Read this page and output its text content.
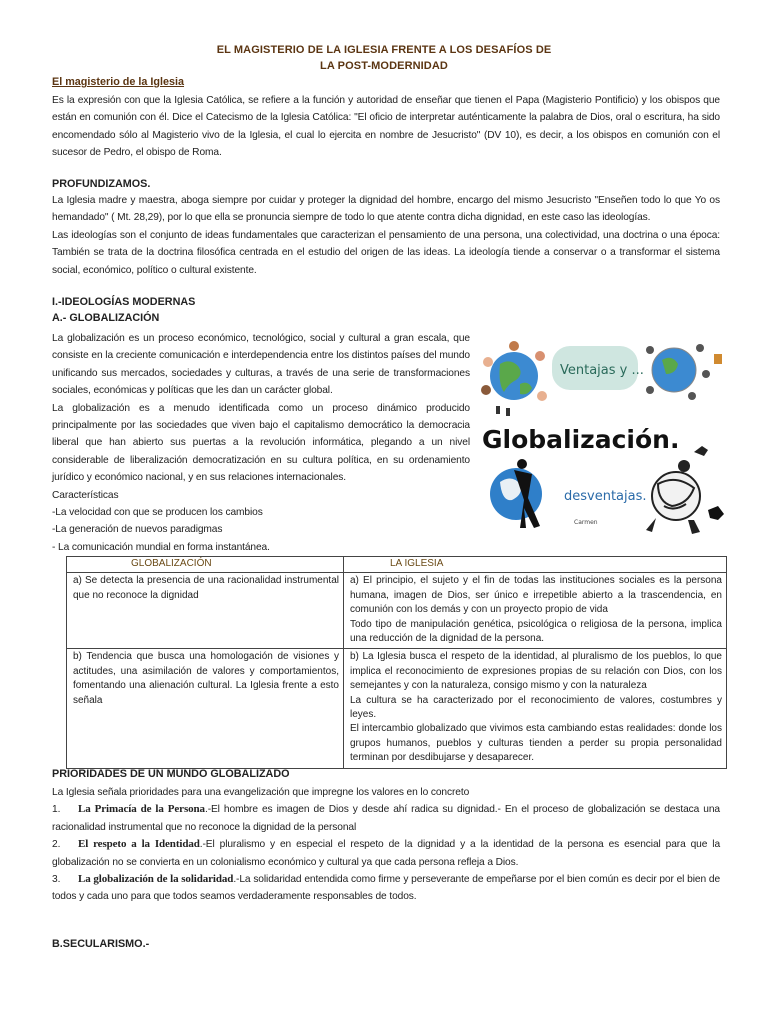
EL MAGISTERIO DE LA IGLESIA FRENTE A LOS DESAFÍOS DE
LA POST-MODERNIDAD
El magisterio de la Iglesia

Es la expresión con que la Iglesia Católica, se refiere a la función y autoridad de enseñar que tienen el Papa (Magisterio Pontificio) y los obispos que están en comunión con él. Dice el Catecismo de la Iglesia Católica: "El oficio de interpretar auténticamente la palabra de Dios, oral o escritura, ha sido encomendado sólo al Magisterio vivo de la Iglesia, el cual lo ejercita en nombre de Jesucristo" (DV 10), es decir, a los obispos en comunión con el sucesor de Pedro, el obispo de Roma.

PROFUNDIZAMOS.

La Iglesia madre y maestra, aboga siempre por cuidar y proteger la dignidad del hombre, encargo del mismo Jesucristo "Enseñen todo lo que Yo os hemandado" ( Mt. 28,29), por lo que ella se pronuncia siempre de todo lo que atente contra dicha dignidad, en este caso las ideologías.

Las ideologías son el conjunto de ideas fundamentales que caracterizan el pensamiento de una persona, una colectividad, una doctrina o una época: También se trata de la doctrina filosófica centrada en el estudio del origen de las ideas. La ideología tiende a conservar o a transformar el sistema social, económico, político o cultural existente.

I.-IDEOLOGÍAS MODERNAS
A.- GLOBALIZACIÓN

La globalización es un proceso económico, tecnológico, social y cultural a gran escala, que consiste en la creciente comunicación e interdependencia entre los distintos países del mundo unificando sus mercados, sociedades y culturas, a través de una serie de transformaciones sociales, económicas y políticas que les dan un carácter global.

La globalización es a menudo identificada como un proceso dinámico producido principalmente por las sociedades que viven bajo el capitalismo democrático la democracia liberal que han abierto sus puertas a la revolución informática, plegando a un nivel considerable de liberalización democratización en su cultura política, en su ordenamiento jurídico y económico nacional, y en sus relaciones internacionales.

Características

-La velocidad con que se producen los cambios

-La generación de nuevos paradigmas

- La comunicación mundial en forma instantánea.

Ventajas y ...
Globalización.
desventajas.
Carmen
GLOBALIZACIÓN	LA IGLESIA

a) Se detecta la presencia de una racionalidad instrumental que no reconoce la dignidad	a) El principio, el sujeto y el fin de todas las instituciones sociales es la persona humana, imagen de Dios, ser único e irrepetible abierto a la trascendencia, en comunión con los demás y con un proyecto propio de vida

Todo tipo de manipulación genética, psicológica o religiosa de la persona, implica una reducción de la dignidad de la persona.

b) Tendencia que busca una homologación de visiones y actitudes, una asimilación de valores y comportamientos, fomentando una alienación cultural. La Iglesia frente a esto señala	b) La Iglesia busca el respeto de la identidad, al pluralismo de los pueblos, lo que implica el reconocimiento de expresiones propias de su relación con Dios, con los semejantes y con la naturaleza, consigo mismo y con la naturaleza

La cultura se ha caracterizado por el reconocimiento de valores, costumbres y leyes.

El intercambio globalizado que vivimos esta cambiando estas realidades: donde los grupos humanos, pueblos y culturas tienden a perder su propia personalidad terminan por desdibujarse y desaparecer.

PRIORIDADES DE UN MUNDO GLOBALIZADO

La Iglesia señala prioridades para una evangelización que impregne los valores en lo concreto

1. La Primacía de la Persona.-El hombre es imagen de Dios y desde ahí radica su dignidad.- En el proceso de globalización se destaca una racionalidad instrumental que no reconoce la dignidad de la personal

2. El respeto a la Identidad.-El pluralismo y en especial el respeto de la dignidad y a la identidad de la persona es esencial para que la globalización no se convierta en un colonialismo económico y cultural ya que cada persona refleja a Dios.

3. La globalización de la solidaridad.-La solidaridad entendida como firme y perseverante de empeñarse por el bien común es decir por el bien de todos y cada uno para que todos seamos verdaderamente responsables de todos.

B.SECULARISMO.-
